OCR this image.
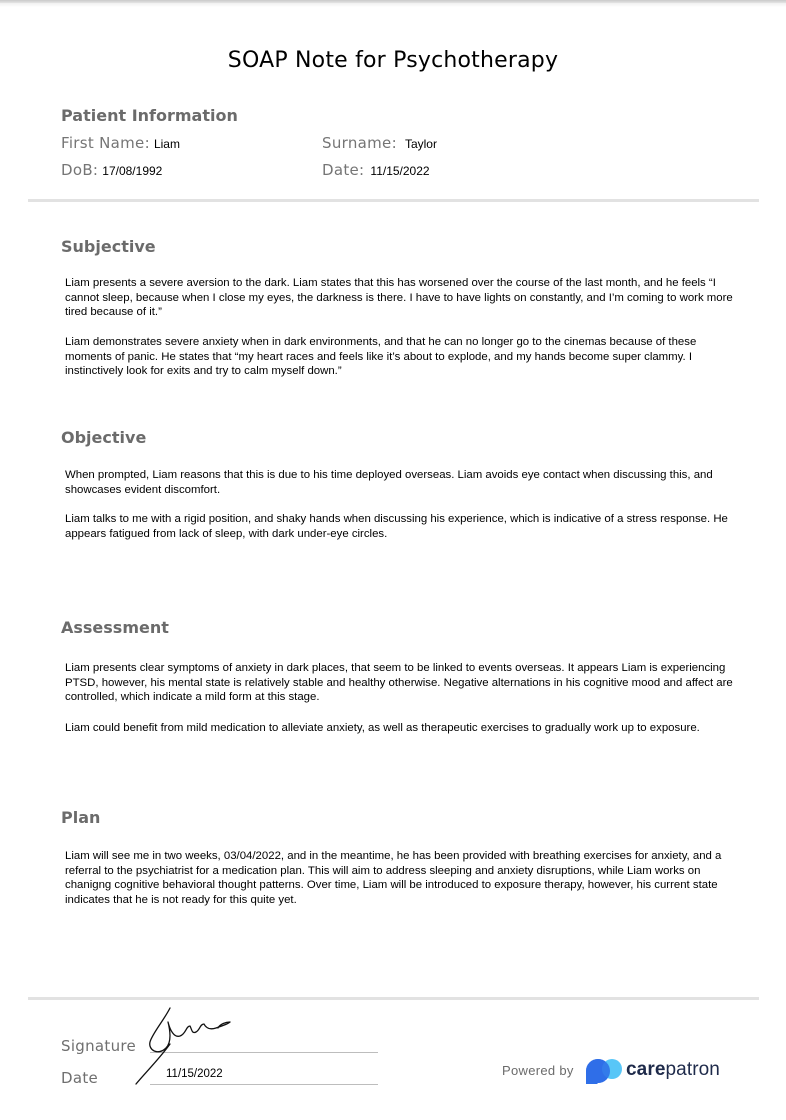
SOAP Note for Psychotherapy
Patient Information
First Name: Liam	Surname: Taylor
DoB: 17/08/1992	Date: 11/15/2022
Subjective

Liam presents a severe aversion to the dark. Liam states that this has worsened over the course of the last month, and he feels “I cannot sleep, because when I close my eyes, the darkness is there. I have to have lights on constantly, and I’m coming to work more tired because of it.”

Liam demonstrates severe anxiety when in dark environments, and that he can no longer go to the cinemas because of these moments of panic. He states that “my heart races and feels like it’s about to explode, and my hands become super clammy. I instinctively look for exits and try to calm myself down.”

Objective

When prompted, Liam reasons that this is due to his time deployed overseas. Liam avoids eye contact when discussing this, and showcases evident discomfort.

Liam talks to me with a rigid position, and shaky hands when discussing his experience, which is indicative of a stress response. He appears fatigued from lack of sleep, with dark under-eye circles.

Assessment

Liam presents clear symptoms of anxiety in dark places, that seem to be linked to events overseas. It appears Liam is experiencing PTSD, however, his mental state is relatively stable and healthy otherwise. Negative alternations in his cognitive mood and affect are controlled, which indicate a mild form at this stage.

Liam could benefit from mild medication to alleviate anxiety, as well as therapeutic exercises to gradually work up to exposure.

Plan

Liam will see me in two weeks, 03/04/2022, and in the meantime, he has been provided with breathing exercises for anxiety, and a referral to the psychiatrist for a medication plan. This will aim to address sleeping and anxiety disruptions, while Liam works on chanigng cognitive behavioral thought patterns. Over time, Liam will be introduced to exposure therapy, however, his current state indicates that he is not ready for this quite yet.

Signature
Date	11/15/2022	Powered by	carepatron
